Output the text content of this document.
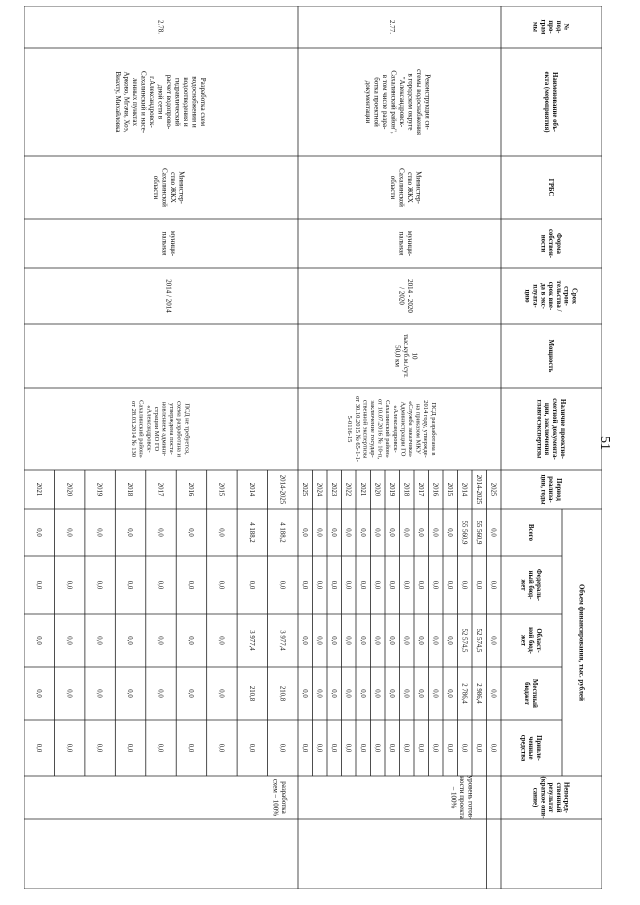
51
№под-про-граммы
Наименование объ-екта (мероприятия)
ГРБС
Формасобствен-ности
Срокстрои-тельства /срок вве-да в экс-плуата-цию
Мощность
Наличие проектно-сметной документа-ции, заключенияглавгосэкспертизы
Периодреализа-ции, годы
Объем финансирования, тыс. рублей
Всего
Федераль-ный бюд-жет
Област-ной бюд-жет
Местныйбюджет
Привле-ченныесредства
Непосред-ственныйрезультат(краткое опи-сание)
2025
0,0
0,0
0,0
0,0
0,0
2014-2025
55 560,9
0,0
52 574,5
2 986,4
0,0
2014
55 560,9
0,0
52 574,5
2 786,4
0,0
2015
0,0
0,0
0,0
0,0
0,0
2016
0,0
0,0
0,0
0,0
0,0
2017
0,0
0,0
0,0
0,0
0,0
2018
0,0
0,0
0,0
0,0
0,0
2019
0,0
0,0
0,0
0,0
0,0
2020
0,0
0,0
0,0
0,0
0,0
2021
0,0
0,0
0,0
0,0
0,0
2022
0,0
0,0
0,0
0,0
0,0
2023
0,0
0,0
0,0
0,0
0,0
2024
0,0
0,0
0,0
0,0
0,0
2025
0,0
0,0
0,0
0,0
0,0
2.77.
Реконструкция си-стемы водоснабженияв городском округе"Александровск-Сахалинский район",в том числе разра-ботка проектнойдокументации
Министер-ство ЖКХСахалинскойобласти
муници-пальная
2014 - 2020/ 2020
10тыс.куб.м./сут.50,0 км
ПСД разработана в2014 году, утвержде-на приказом МКУ«Служба заказчика»Администрации ГО«Александровск-Сахалинский район»от 10.07.2016 № 10-п,заключение государ-ственной экспертизыот 30.10.2015 № 65-1-1-5-0116-15
уровень готов-ности проекта– 100%
2014-2025
4 188,2
0,0
3 977,4
210,8
0,0
2014
4 188,2
0,0
3 977,4
210,8
0,0
2015
0,0
0,0
0,0
0,0
0,0
2016
0,0
0,0
0,0
0,0
0,0
2017
0,0
0,0
0,0
0,0
0,0
2018
0,0
0,0
0,0
0,0
0,0
2019
0,0
0,0
0,0
0,0
0,0
2020
0,0
0,0
0,0
0,0
0,0
2021
0,0
0,0
0,0
0,0
0,0
2.78.
Разработка схемводоснабжения иводоотведения игидравлическийрасчет водопрово-дной сети вг.Александровск-Сахалинский и насе-ленных пунктахАрково, Мгачи, Хоэ,Виахту, Михайловка
Министер-ство ЖКХСахалинскойобласти
муници-пальная
2014 / 2014
ПСД не требуется,схема разработана иутверждена поста-новлением админи-страции МО ГО«Александровск-Сахалинский район»от 28.03.2014 № 130
разработкасхем – 100%
